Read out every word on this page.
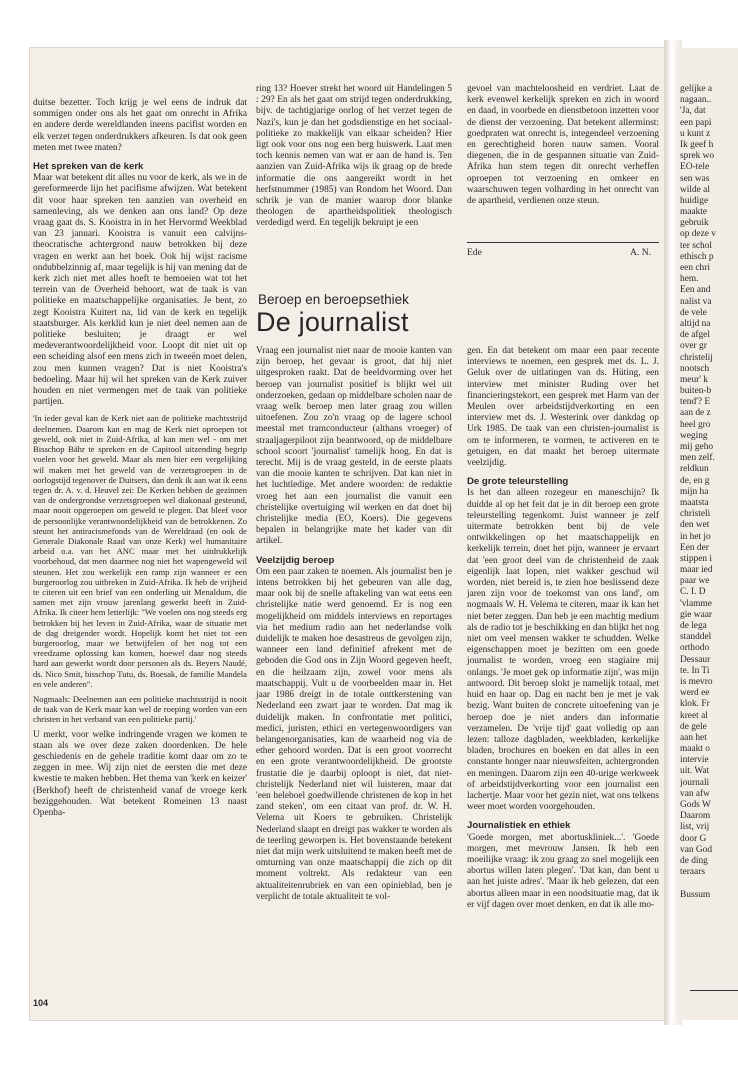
duitse bezetter. Toch krijg je wel eens de indruk dat sommigen onder ons als het gaat om onrecht in Afrika en andere derde wereldlanden ineens pacifist worden en elk verzet tegen onderdrukkers afkeuren. Is dat ook geen meten met twee maten?

Het spreken van de kerk

Maar wat betekent dit alles nu voor de kerk, als we in de gereformeerde lijn het pacifisme afwijzen. Wat betekent dit voor haar spreken ten aanzien van overheid en samenleving, als we denken aan ons land? Op deze vraag gaat ds. S. Kooistra in in het Hervormd Weekblad van 23 januari. Kooistra is vanuit een calvijns-theocratische achtergrond nauw betrokken bij deze vragen en werkt aan het boek. Ook hij wijst racisme ondubbelzinnig af, maar tegelijk is hij van mening dat de kerk zich niet met alles hoeft te bemoeien wat tot het terrein van de Overheid behoort, wat de taak is van politieke en maatschappelijke organisaties. Je bent, zo zegt Kooistra Kuitert na, lid van de kerk en tegelijk staatsburger. Als kerklid kun je niet deel nemen aan de politieke besluiten; je draagt er wel medeverantwoordelijkheid voor. Loopt dit niet uit op een scheiding alsof een mens zich in tweeën moet delen, zou men kunnen vragen? Dat is niet Kooistra's bedoeling. Maar hij wil het spreken van de Kerk zuiver houden en niet vermengen met de taak van politieke partijen.

'In ieder geval kan de Kerk niet aan de politieke machtsstrijd deelnemen. Daarom kan en mag de Kerk niet oproepen tot geweld, ook niet in Zuid-Afrika, al kan men wel - om met Bisschop Bähr te spreken en de Capitool uitzending begrip voelen voor het geweld. Maar als men hier een vergelijking wil maken met het geweld van de verzetsgroepen in de oorlogstijd tegenover de Duitsers, dan denk ik aan wat ik eens tegen dr. A. v. d. Heuvel zei: De Kerken hebben de gezinnen van de ondergrondse verzetsgroepen wel diakonaal gesteund, maar nooit opgeroepen om geweld te plegen. Dat bleef voor de persoonlijke verantwoordelijkheid van de betrokkenen. Zo steunt het antiracismefonds van de Wereldraad (en ook de Generale Diakonale Raad van onze Kerk) wel humanitaire arbeid o.a. van het ANC maar met het uitdrukkelijk voorbehoud, dat men daarmee nog niet het wapengeweld wil steunen. Het zou werkelijk een ramp zijn wanneer er een burgeroorlog zou uitbreken in Zuid-Afrika. Ik heb de vrijheid te citeren uit een brief van een onderling uit Menaldum, die samen met zijn vrouw jarenlang gewerkt heeft in Zuid-Afrika. Ik citeer hem letterlijk: "We voelen ons nog steeds erg betrokken bij het leven in Zuid-Afrika, waar de situatie met de dag dreigender wordt. Hopelijk komt het niet tot een burgeroorlog, maar we betwijfelen of het nog tot een vreedzame oplossing kan komen, hoewel daar nog steeds hard aan gewerkt wordt door personen als ds. Beyers Naudé, ds. Nico Smit, bisschop Tutu, ds. Boesak, de familie Mandela en vele anderen".

Nogmaals: Deelnemen aan een politieke machtsstrijd is nooit de taak van de Kerk maar kan wel de roeping worden van een christen in het verband van een politieke partij.'

U merkt, voor welke indringende vragen we komen te staan als we over deze zaken doordenken. De hele geschiedenis en de gehele traditie komt daar om zo te zeggen in mee. Wij zijn niet de eersten die met deze kwestie te maken hebben. Het thema van 'kerk en keizer' (Berkhof) heeft de christenheid vanaf de vroege kerk beziggehouden. Wat betekent Romeinen 13 naast Openba-

ring 13? Hoever strekt het woord uit Handelingen 5 : 29? En als het gaat om strijd tegen onderdrukking, bijv. de tachtigjarige oorlog of het verzet tegen de Nazi's, kun je dan het godsdienstige en het sociaal-politieke zo makkelijk van elkaar scheiden? Hier ligt ook voor ons nog een berg huiswerk. Laat men toch kennis nemen van wat er aan de hand is. Ten aanzien van Zuid-Afrika wijs ik graag op de brede informatie die ons aangereikt wordt in het herfstnummer (1985) van Rondom het Woord. Dan schrik je van de manier waarop door blanke theologen de apartheidspolitiek theologisch verdedigd werd. En tegelijk bekruipt je een

gevoel van machteloosheid en verdriet. Laat de kerk evenwel kerkelijk spreken en zich in woord en daad, in voorbede en dienstbetoon inzetten voor de dienst der verzoening. Dat betekent allerminst: goedpraten wat onrecht is, integendeel verzoening en gerechtigheid horen nauw samen. Vooral diegenen, die in de gespannen situatie van Zuid-Afrika hun stem tegen dit onrecht verheffen oproepen tot verzoening en omkeer en waarschuwen tegen volharding in het onrecht van de apartheid, verdienen onze steun.

Ede	A. N.
Beroep en beroepsethiek
De journalist

Vraag een journalist niet naar de mooie kanten van zijn beroep, het gevaar is groot, dat hij niet uitgesproken raakt. Dat de beeldvorming over het beroep van journalist positief is blijkt wel uit onderzoeken, gedaan op middelbare scholen naar de vraag welk beroep men later graag zou willen uitoefenen. Zou zo'n vraag op de lagere school meestal met tramconducteur (althans vroeger) of straaljagerpiloot zijn beantwoord, op de middelbare school scoort 'journalist' tamelijk hoog. En dat is terecht. Mij is de vraag gesteld, in de eerste plaats van die mooie kanten te schrijven. Dat kan niet in het luchtledige. Met andere woorden: de redaktie vroeg het aan een journalist die vanuit een christelijke overtuiging wil werken en dat doet bij christelijke media (EO, Koers). Die gegevens bepalen in belangrijke mate het kader van dit artikel.

Veelzijdig beroep

Om een paar zaken te noemen. Als journalist ben je intens betrokken bij het gebeuren van alle dag, maar ook bij de snelle aftakeling van wat eens een christelijke natie werd genoemd. Er is nog een mogelijkheid om middels interviews en reportages via het medium radio aan het nederlandse volk duidelijk te maken hoe desastreus de gevolgen zijn, wanneer een land definitief afrekent met de geboden die God ons in Zijn Woord gegeven heeft, en die heilzaam zijn, zowel voor mens als maatschappij. Vult u de voorbeelden maar in. Het jaar 1986 dreigt in de totale onttkerstening van Nederland een zwart jaar te worden. Dat mag ik duidelijk maken. In confrontatie met politici, medici, juristen, ethici en vertegenwoordigers van belangenorganisaties, kan de waarheid nog via de ether gehoord worden. Dat is een groot voorrecht en een grote verantwoordelijkheid. De grootste frustatie die je daarbij oploopt is niet, dat niet-christelijk Nederland niet wil luisteren, maar dat 'een heleboel goedwillende christenen de kop in het zand steken', om een citaat van prof. dr. W. H. Velema uit Koers te gebruiken. Christelijk Nederland slaapt en dreigt pas wakker te worden als de teerling geworpen is. Het bovenstaande betekent niet dat mijn werk uitsluitend te maken heeft met de omturning van onze maatschappij die zich op dit moment voltrekt. Als redakteur van een aktualiteitenrubriek en van een opinieblad, ben je verplicht de totale aktualiteit te vol-

gen. En dat betekent om maar een paar recente interviews te noemen, een gesprek met ds. L. J. Geluk over de uitlatingen van ds. Hüting, een interview met minister Ruding over het financieringstekort, een gesprek met Harm van der Meulen over arbeidstijdverkorting en een interview met ds. J. Westerink over dankdag op Urk 1985. De taak van een christen-journalist is om te informeren, te vormen, te activeren en te getuigen, en dat maakt het beroep uitermate veelzijdig.

De grote teleurstelling

Is het dan alleen rozegeur en maneschijn? Ik duidde al op het feit dat je in dit beroep een grote teleurstelling tegenkomt. Juist wanneer je zelf uitermate betrokken bent bij de vele ontwikkelingen op het maatschappelijk en kerkelijk terrein, doet het pijn, wanneer je ervaart dat 'een groot deel van de christenheid de zaak eigenlijk laat lopen, niet wakker geschud wil worden, niet bereid is, te zien hoe beslissend deze jaren zijn voor de toekomst van ons land', om nogmaals W. H. Velema te citeren, maar ik kan het niet beter zeggen. Dan heb je een machtig medium als de radio tot je beschikking en dan blijkt het nog niet om veel mensen wakker te schudden. Welke eigenschappen moet je bezitten om een goede journalist te worden, vroeg een stagiaire mij onlangs. 'Je moet gek op informatie zijn', was mijn antwoord. Dit beroep slokt je namelijk totaal, met huid en haar op. Dag en nacht ben je met je vak bezig. Want buiten de concrete uitoefening van je beroep doe je niet anders dan informatie verzamelen. De 'vrije tijd' gaat volledig op aan lezen: talloze dagbladen, weekbladen, kerkelijke bladen, brochures en boeken en dat alles in een constante honger naar nieuwsfeiten, achtergronden en meningen. Daarom zijn een 40-urige werkweek of arbeidstijdverkorting voor een journalist een lachertje. Maar voor het gezin niet, wat ons telkens weer moet worden voorgehouden.

Journalistiek en ethiek

'Goede morgen, met abortuskliniek...'. 'Goede morgen, met mevrouw Jansen. Ik heb een moeilijke vraag: ik zou graag zo snel mogelijk een abortus willen laten plegen'. 'Dat kan, dan bent u aan het juiste adres'. 'Maar ik heb gelezen, dat een abortus alleen maar in een noodsituatie mag, dat ik er vijf dagen over moet denken, en dat ik alle mo-

104
gelijke a
nagaan..
'Ja, dat
een papi
u kunt z
Ik geef h
sprek wo
EO-tele
sen was
wilde al
huidige
maakte
gebruik
op deze v
ter schol
ethisch p
een chri
hem.
Een and
nalist va
de vele
altijd na
de afgel
over gr
christelij
nootsch
meur' k
buiten-b
tend'? E
aan de z
heel gro
weging
mij geho
men zelf.
reldkun
de, en g
mijn ha
maatsta
christeli
den wet
in het jo
Een der
stippen i
maar ied
paar we
C. I. D
'vlamme
gie waar
de lega
standdel
orthodo
Dessaur
te. In Ti
is mevro
werd ee
klok. Fr
kreet al
de gele
aan het
maakt o
intervie
uit. Wat
journali
van afw
Gods W
Daarom
list, vrij
door G
van God
de ding
teraars
Bussum
